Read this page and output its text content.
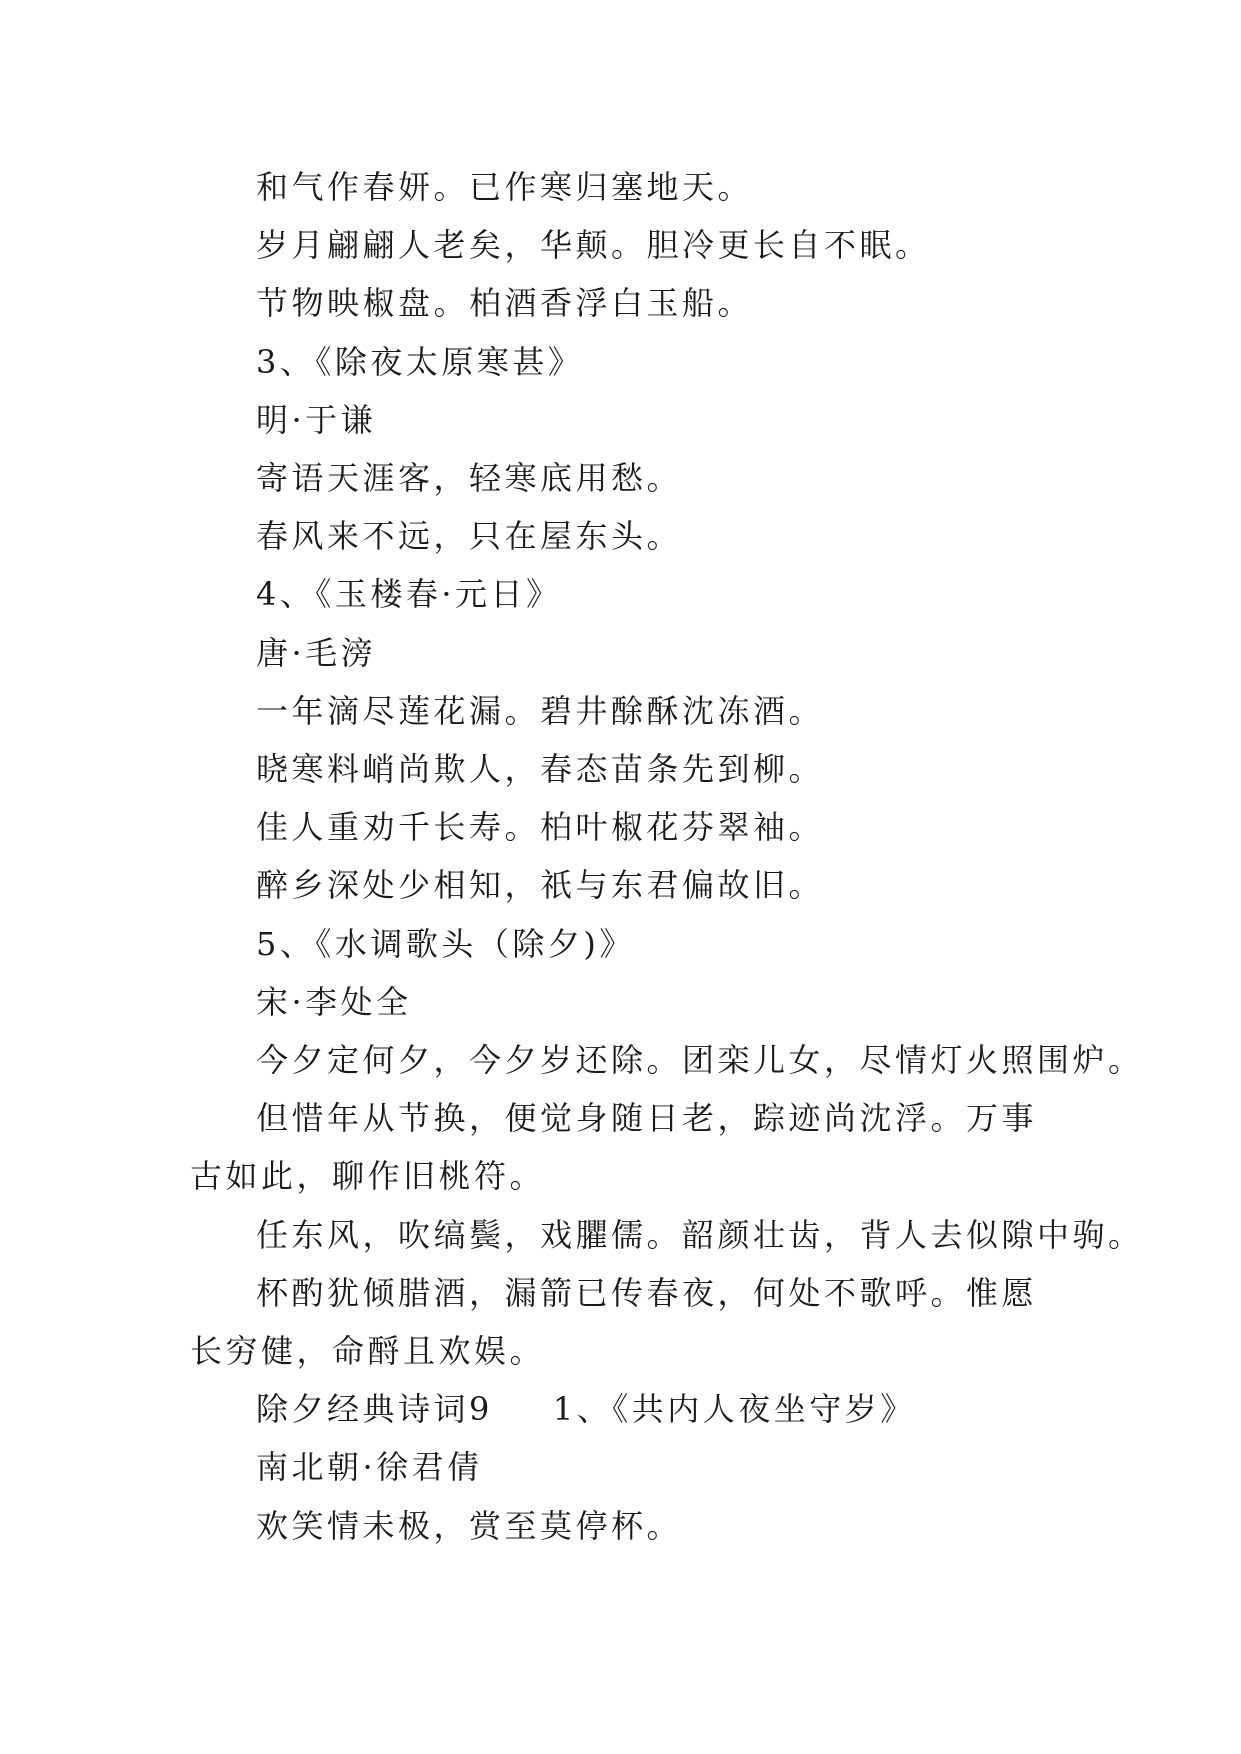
和气作春妍。已作寒归塞地天。
岁月翩翩人老矣，华颠。胆冷更长自不眠。
节物映椒盘。柏酒香浮白玉船。
3、《除夜太原寒甚》
明·于谦
寄语天涯客，轻寒底用愁。
春风来不远，只在屋东头。
4、《玉楼春·元日》
唐·毛滂
一年滴尽莲花漏。碧井酴酥沈冻酒。
晓寒料峭尚欺人，春态苗条先到柳。
佳人重劝千长寿。柏叶椒花芬翠袖。
醉乡深处少相知，祇与东君偏故旧。
5、《水调歌头（除夕)》
宋·李处全
今夕定何夕，今夕岁还除。团栾儿女，尽情灯火照围炉。
但惜年从节换，便觉身随日老，踪迹尚沈浮。万事古如此，聊作旧桃符。
任东风，吹缟鬓，戏臞儒。韶颜壮齿，背人去似隙中驹。
杯酌犹倾腊酒，漏箭已传春夜，何处不歌呼。惟愿长穷健，命酹且欢娱。
除夕经典诗词9 1、《共内人夜坐守岁》
南北朝·徐君倩
欢笑情未极，赏至莫停杯。
